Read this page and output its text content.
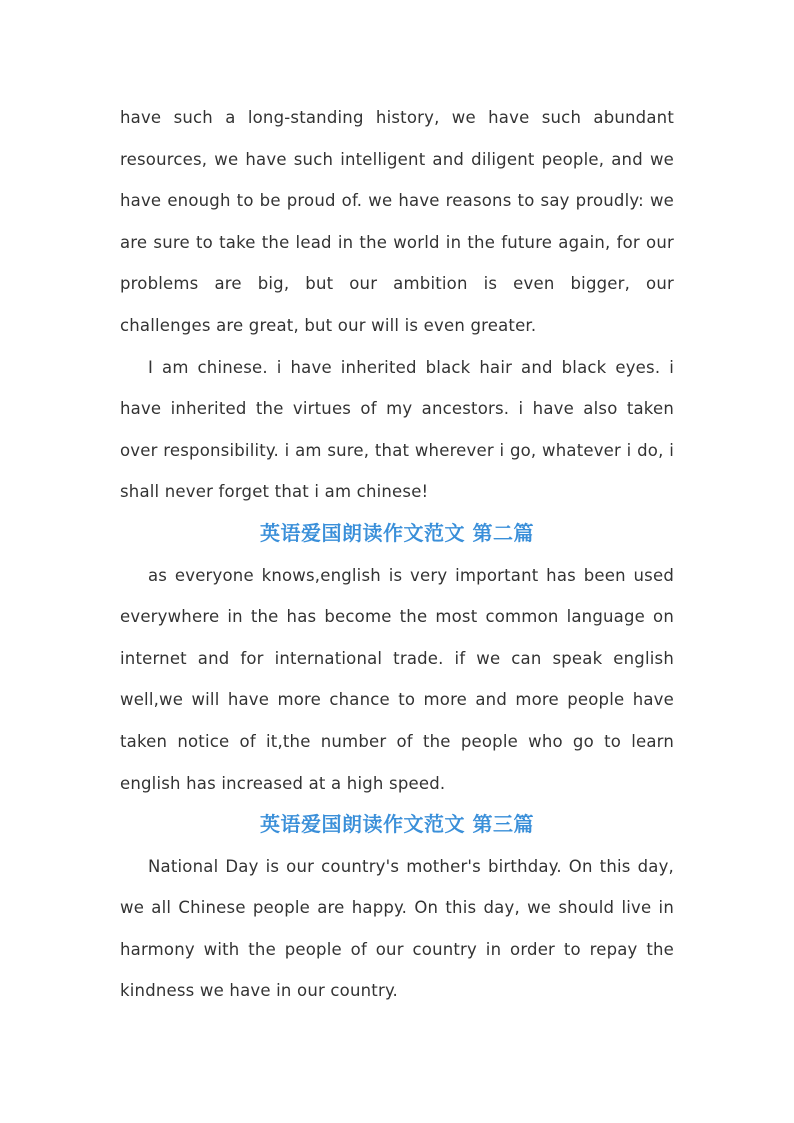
have such a long-standing history, we have such abundant resources, we have such intelligent and diligent people, and we have enough to be proud of. we have reasons to say proudly: we are sure to take the lead in the world in the future again, for our problems are big, but our ambition is even bigger, our challenges are great, but our will is even greater.

I am chinese. i have inherited black hair and black eyes. i have inherited the virtues of my ancestors. i have also taken over responsibility. i am sure, that wherever i go, whatever i do, i shall never forget that i am chinese!

英语爱国朗读作文范文 第二篇

as everyone knows,english is very important has been used everywhere in the has become the most common language on internet and for international trade. if we can speak english well,we will have more chance to more and more people have taken notice of it,the number of the people who go to learn english has increased at a high speed.

英语爱国朗读作文范文 第三篇

National Day is our country's mother's birthday. On this day, we all Chinese people are happy. On this day, we should live in harmony with the people of our country in order to repay the kindness we have in our country.
